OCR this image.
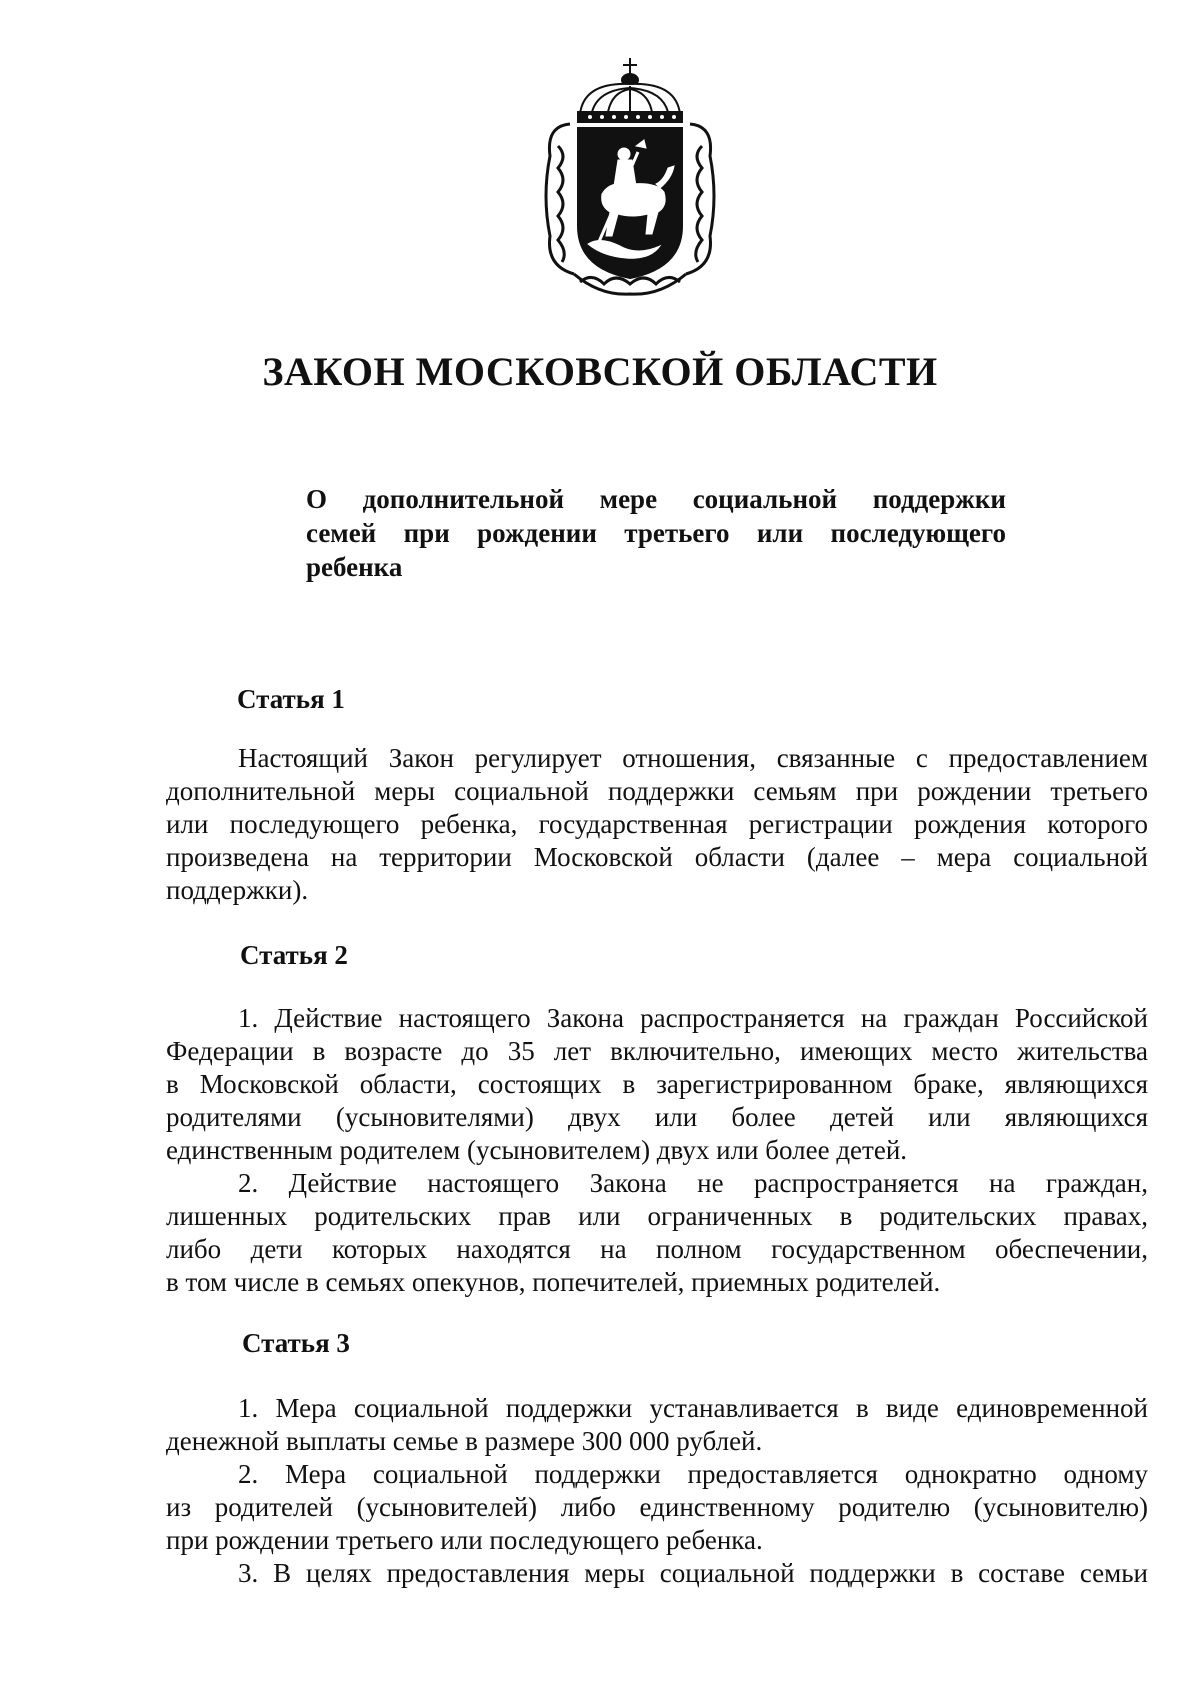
ЗАКОН МОСКОВСКОЙ ОБЛАСТИ

О дополнительной мере социальной поддержки
семей при рождении третьего или последующего
ребенка

Статья 1

Настоящий Закон регулирует отношения, связанные с предоставлением
дополнительной меры социальной поддержки семьям при рождении третьего
или последующего ребенка, государственная регистрации рождения которого
произведена на территории Московской области (далее – мера социальной
поддержки).

Статья 2

1. Действие настоящего Закона распространяется на граждан Российской
Федерации в возрасте до 35 лет включительно, имеющих место жительства
в Московской области, состоящих в зарегистрированном браке, являющихся
родителями (усыновителями) двух или более детей или являющихся
единственным родителем (усыновителем) двух или более детей.

2. Действие настоящего Закона не распространяется на граждан,
лишенных родительских прав или ограниченных в родительских правах,
либо дети которых находятся на полном государственном обеспечении,
в том числе в семьях опекунов, попечителей, приемных родителей.

Статья 3

1. Мера социальной поддержки устанавливается в виде единовременной
денежной выплаты семье в размере 300 000 рублей.

2. Мера социальной поддержки предоставляется однократно одному
из родителей (усыновителей) либо единственному родителю (усыновителю)
при рождении третьего или последующего ребенка.

3. В целях предоставления меры социальной поддержки в составе семьи
